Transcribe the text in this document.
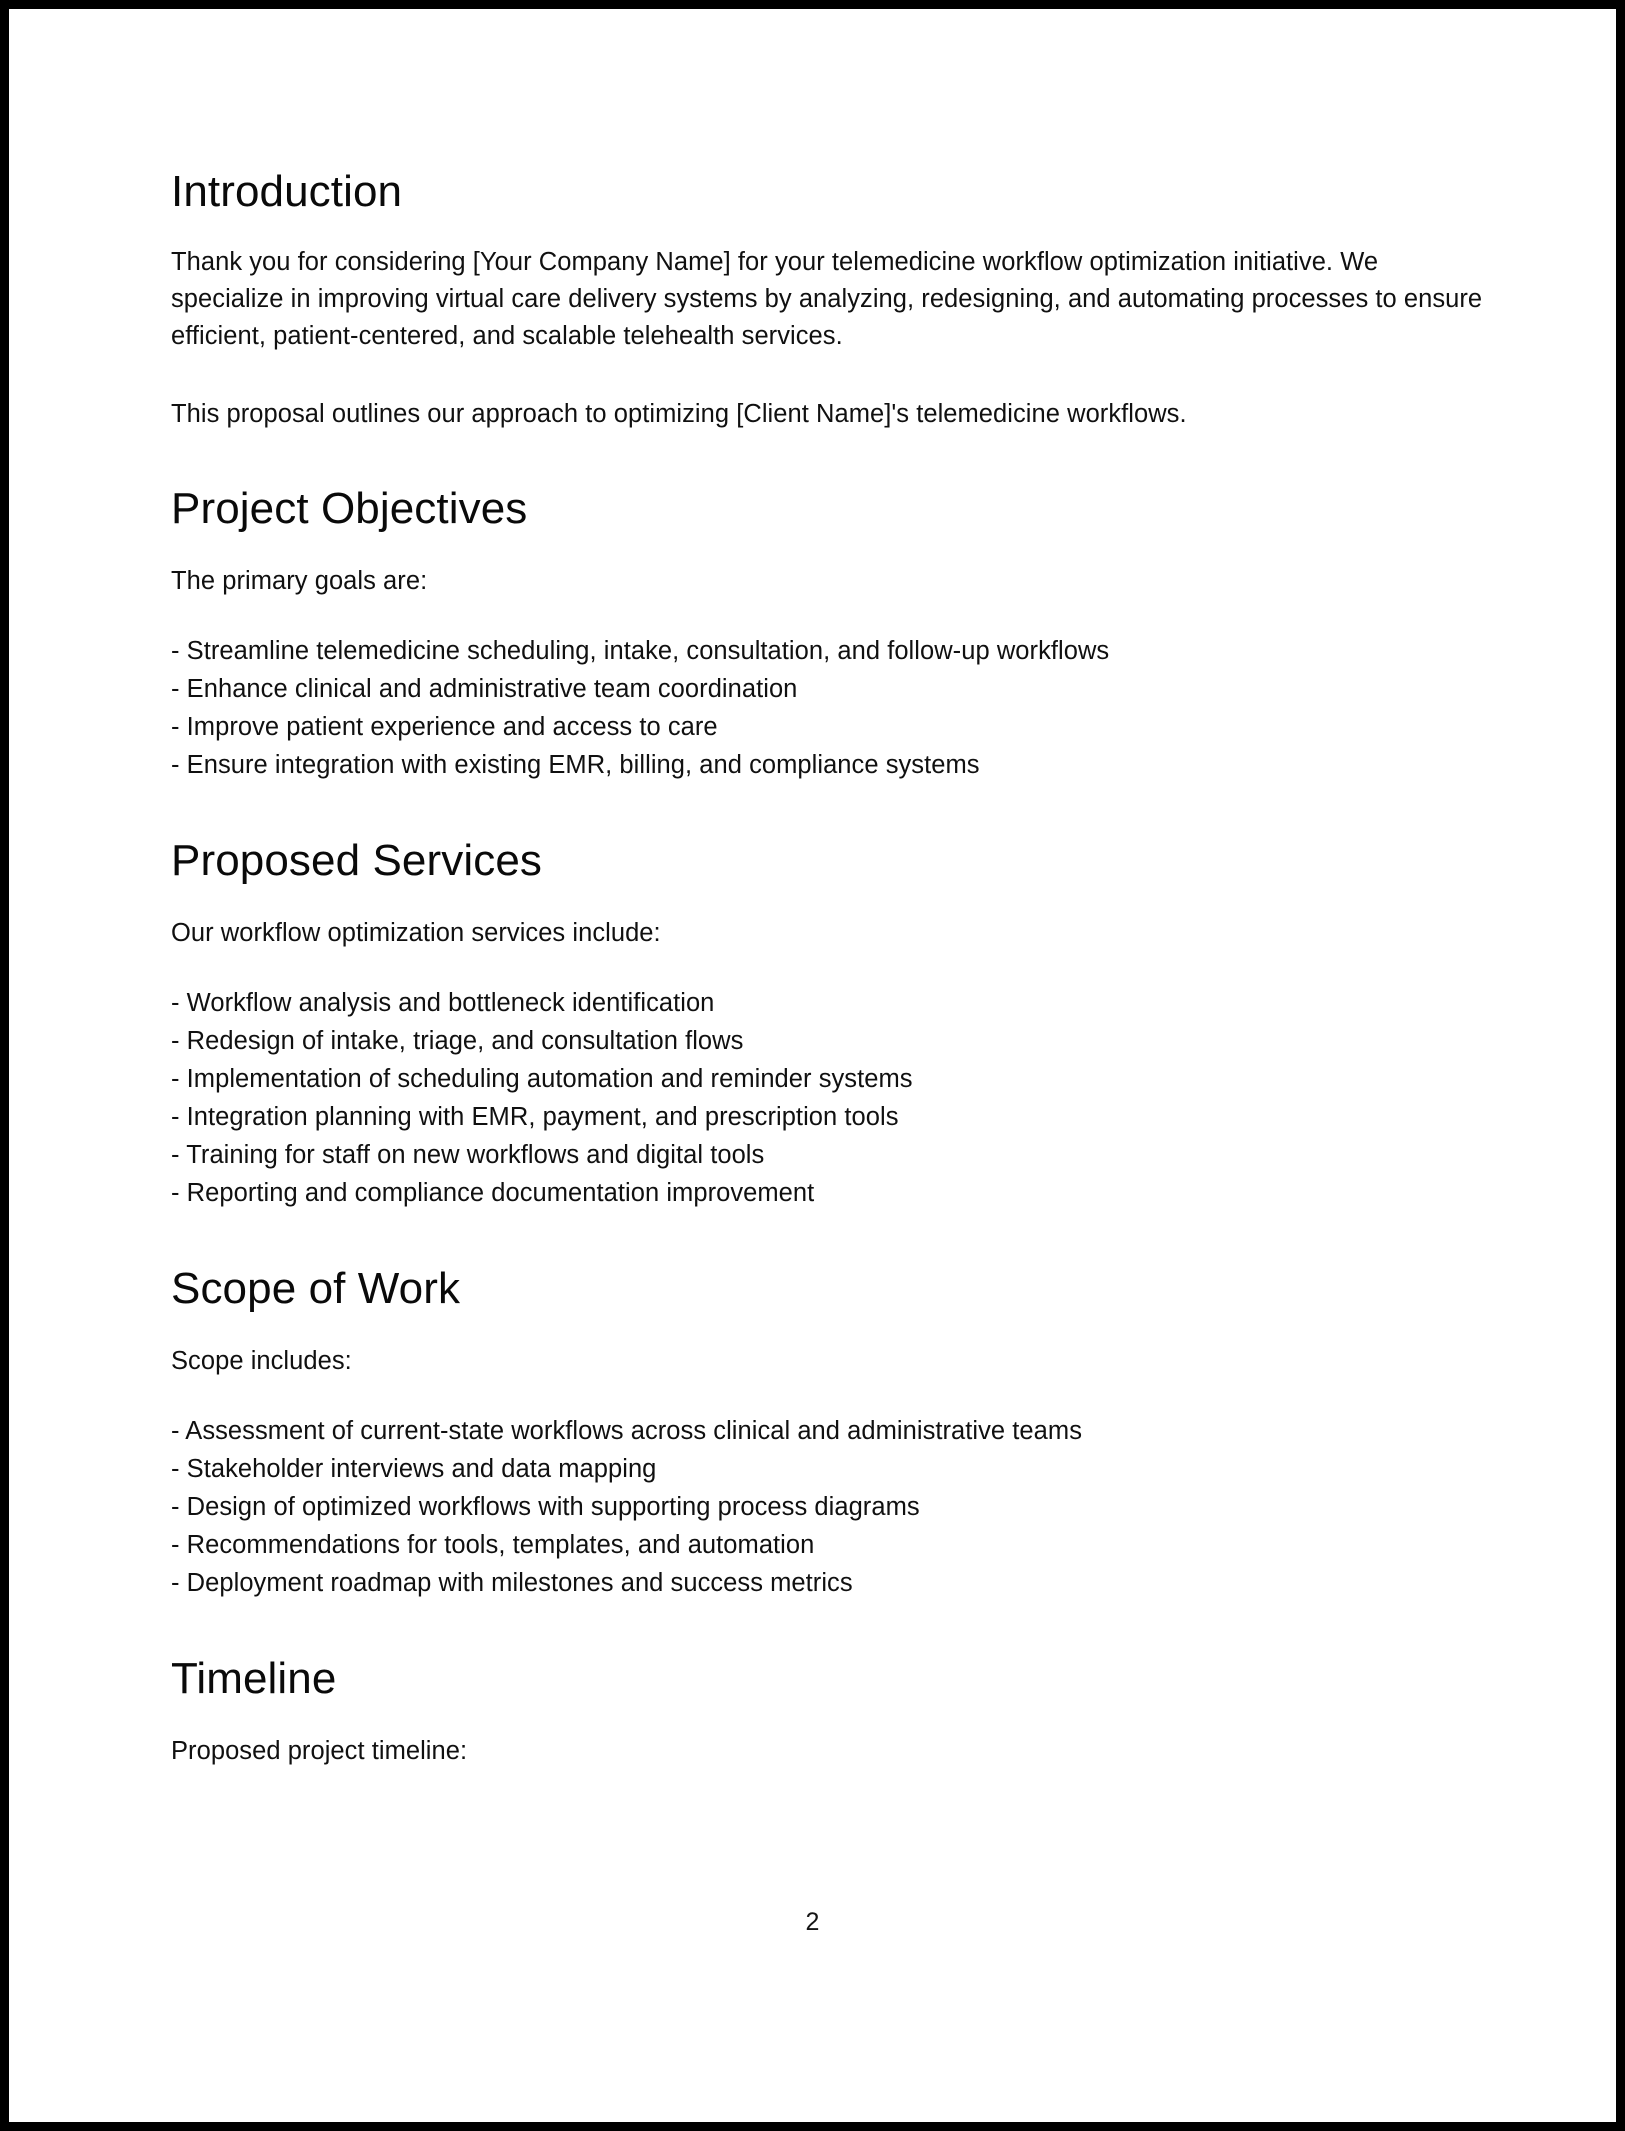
Introduction

Thank you for considering [Your Company Name] for your telemedicine workflow optimization initiative. We specialize in improving virtual care delivery systems by analyzing, redesigning, and automating processes to ensure efficient, patient-centered, and scalable telehealth services.

This proposal outlines our approach to optimizing [Client Name]'s telemedicine workflows.

Project Objectives

The primary goals are:

- Streamline telemedicine scheduling, intake, consultation, and follow-up workflows
- Enhance clinical and administrative team coordination
- Improve patient experience and access to care
- Ensure integration with existing EMR, billing, and compliance systems
Proposed Services

Our workflow optimization services include:

- Workflow analysis and bottleneck identification
- Redesign of intake, triage, and consultation flows
- Implementation of scheduling automation and reminder systems
- Integration planning with EMR, payment, and prescription tools
- Training for staff on new workflows and digital tools
- Reporting and compliance documentation improvement
Scope of Work

Scope includes:

- Assessment of current-state workflows across clinical and administrative teams
- Stakeholder interviews and data mapping
- Design of optimized workflows with supporting process diagrams
- Recommendations for tools, templates, and automation
- Deployment roadmap with milestones and success metrics
Timeline

Proposed project timeline:

2
